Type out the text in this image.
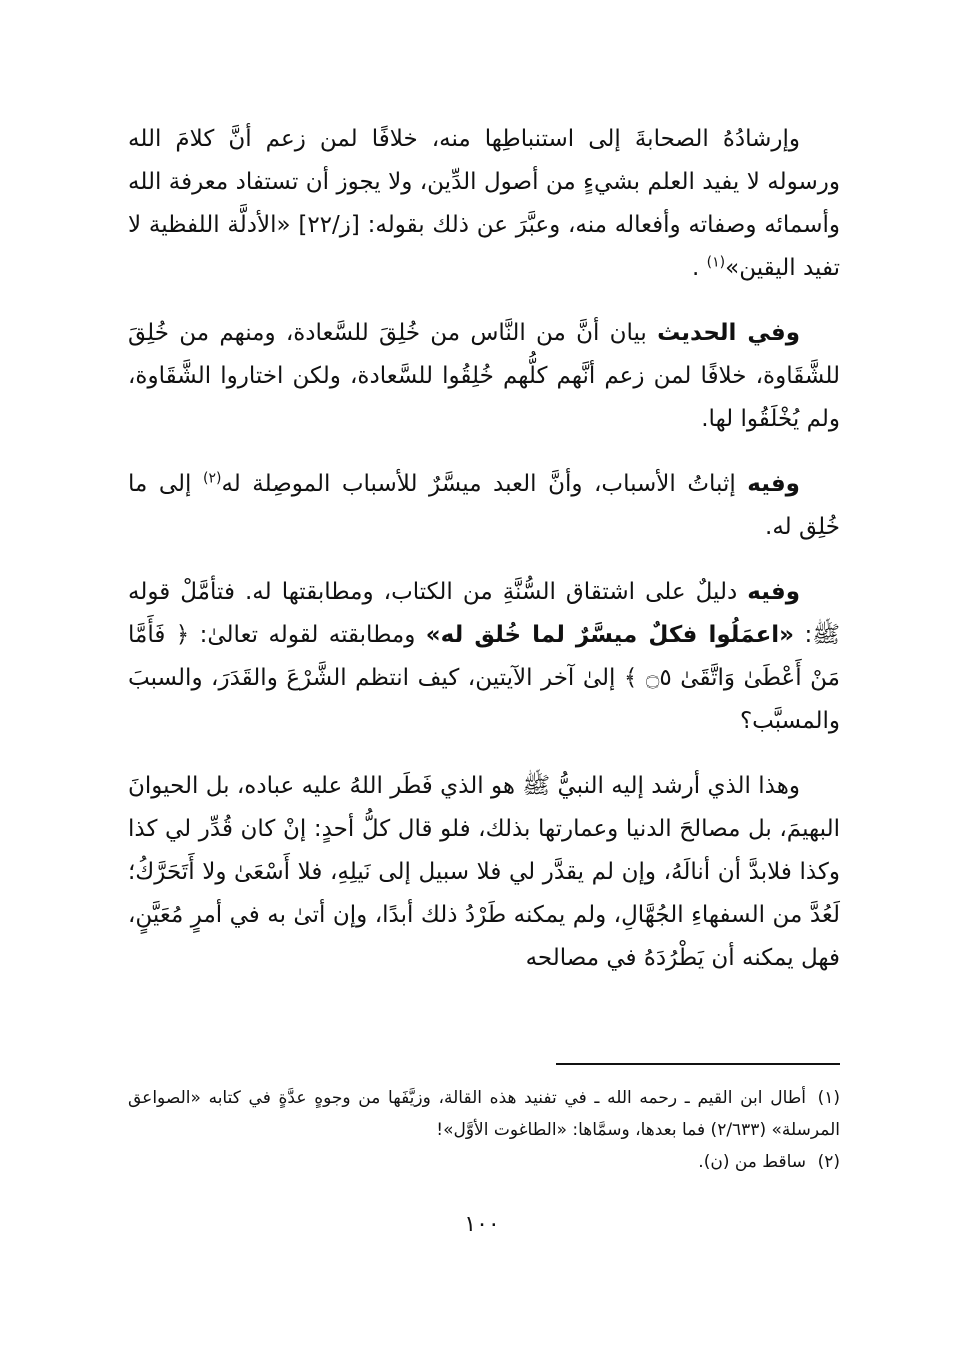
وإرشادُهُ الصحابةَ إلى استنباطِها منه، خلافًا لمن زعم أنَّ كلامَ الله ورسوله لا يفيد العلم بشيءٍ من أصول الدِّين، ولا يجوز أن تستفاد معرفة الله وأسمائه وصفاته وأفعاله منه، وعبَّرَ عن ذلك بقوله: [ز/٢٢] «الأدلَّة اللفظية لا تفيد اليقين»$^{(١)}$ .

وفي الحديث بيان أنَّ من النَّاس من خُلِقَ للسَّعادة، ومنهم من خُلِقَ للشَّقَاوة، خلافًا لمن زعم أنَّهم كلُّهم خُلِقُوا للسَّعادة، ولكن اختاروا الشَّقَاوة، ولم يُخْلَقُوا لها.

وفيه إثباتُ الأسباب، وأنَّ العبد ميسَّرٌ للأسباب الموصِلة له$^{(٢)}$ إلى ما خُلِق له.

وفيه دليلٌ على اشتقاق السُّنَّةِ من الكتاب، ومطابقتها له. فتأمَّلْ قوله ﷺ: «اعمَلُوا فكلٌ ميسَّرٌ لما خُلق له» ومطابقته لقوله تعالىٰ: ﴿ فَأَمَّا مَنْ أَعْطَىٰ وَاتَّقَىٰ ۝٥ ﴾ إلىٰ آخر الآيتين، كيف انتظم الشَّرْعَ والقَدَرَ، والسببَ والمسبَّب؟

وهذا الذي أرشد إليه النبيُّ ﷺ هو الذي فَطَر اللهُ عليه عباده، بل الحيوانَ البهيمَ، بل مصالحَ الدنيا وعمارتها بذلك، فلو قال كلُّ أحدٍ: إنْ كان قُدِّر لي كذا وكذا فلابدَّ أن أنالَهُ، وإن لم يقدَّر لي فلا سبيل إلى نَيلِهِ، فلا أَسْعَىٰ ولا أَتَحَرَّكُ؛ لَعُدَّ من السفهاءِ الجُهَّالِ، ولم يمكنه طَرْدُ ذلك أبدًا، وإن أتىٰ به في أمرٍ مُعَيَّنٍ، فهل يمكنه أن يَطْرُدَهُ في مصالحه

(١)أطال ابن القيم ـ رحمه الله ـ في تفنيد هذه القالة، وزيَّفَها من وجوهٍ عدَّةٍ في كتابه «الصواعق المرسلة» (٢/٦٣٣) فما بعدها، وسمَّاها: «الطاغوت الأوَّل»!

(٢)ساقط من (ن).

١٠٠
